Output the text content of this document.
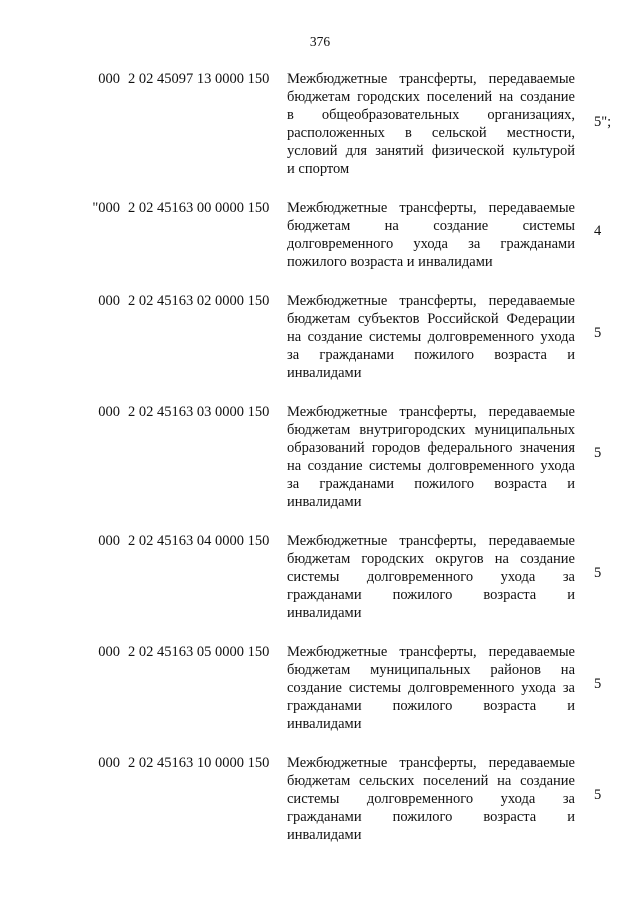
376
000 2 02 45097 13 0000 150 Межбюджетные трансферты, передаваемые
бюджетам городских поселений на создание
в общеобразовательных организациях,
расположенных в сельской местности,
условий для занятий физической культурой
и спортом
5";
"000 2 02 45163 00 0000 150 Межбюджетные трансферты, передаваемые
бюджетам на создание системы
долговременного ухода за гражданами
пожилого возраста и инвалидами
4
000 2 02 45163 02 0000 150 Межбюджетные трансферты, передаваемые
бюджетам субъектов Российской Федерации
на создание системы долговременного ухода
за гражданами пожилого возраста и
инвалидами
5
000 2 02 45163 03 0000 150 Межбюджетные трансферты, передаваемые
бюджетам внутригородских муниципальных
образований городов федерального значения
на создание системы долговременного ухода
за гражданами пожилого возраста и
инвалидами
5
000 2 02 45163 04 0000 150 Межбюджетные трансферты, передаваемые
бюджетам городских округов на создание
системы долговременного ухода за
гражданами пожилого возраста и
инвалидами
5
000 2 02 45163 05 0000 150 Межбюджетные трансферты, передаваемые
бюджетам муниципальных районов на
создание системы долговременного ухода за
гражданами пожилого возраста и
инвалидами
5
000 2 02 45163 10 0000 150 Межбюджетные трансферты, передаваемые
бюджетам сельских поселений на создание
системы долговременного ухода за
гражданами пожилого возраста и
инвалидами
5
